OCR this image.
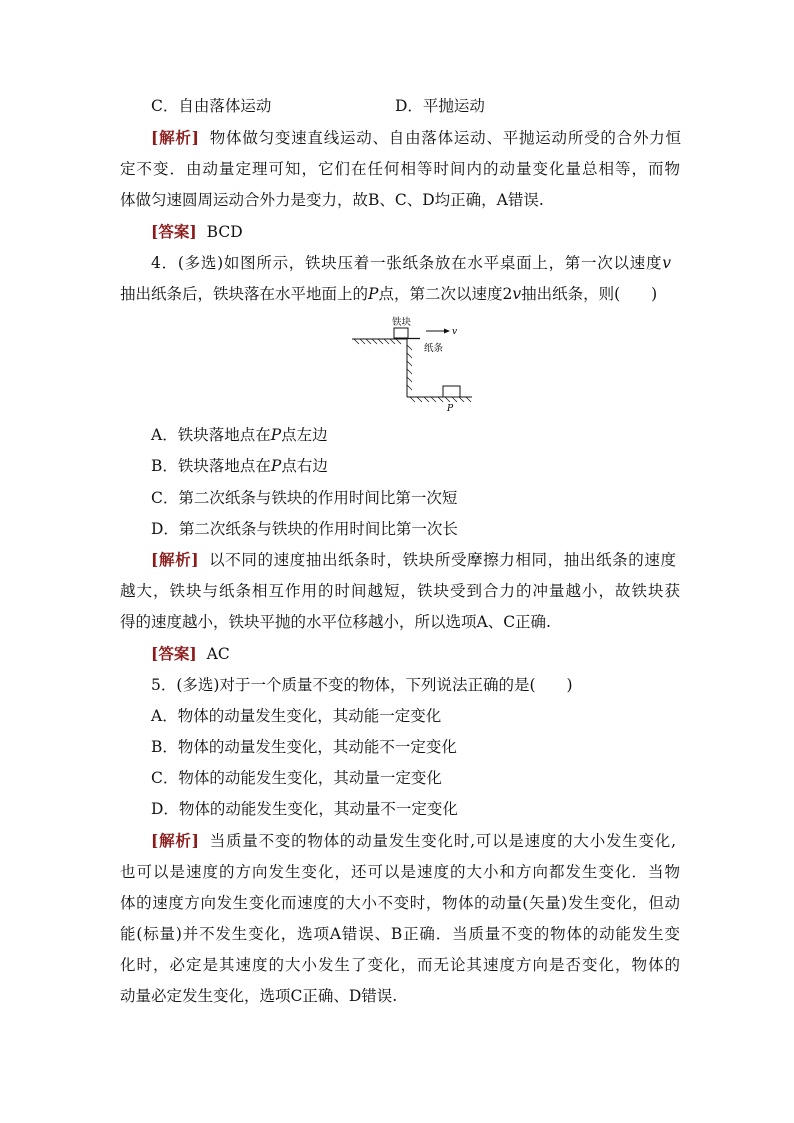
C．自由落体运动	D．平抛运动
[解析] 物体做匀变速直线运动、自由落体运动、平抛运动所受的合外力恒
定不变．由动量定理可知，它们在任何相等时间内的动量变化量总相等，而物
体做匀速圆周运动合外力是变力，故B、C、D均正确，A错误.
[答案] BCD
4．(多选)如图所示，铁块压着一张纸条放在水平桌面上，第一次以速度v
抽出纸条后，铁块落在水平地面上的P点，第二次以速度2v抽出纸条，则(　　)
铁块
v
纸条
P
A．铁块落地点在P点左边
B．铁块落地点在P点右边
C．第二次纸条与铁块的作用时间比第一次短
D．第二次纸条与铁块的作用时间比第一次长
[解析] 以不同的速度抽出纸条时，铁块所受摩擦力相同，抽出纸条的速度
越大，铁块与纸条相互作用的时间越短，铁块受到合力的冲量越小，故铁块获
得的速度越小，铁块平抛的水平位移越小，所以选项A、C正确.
[答案] AC
5．(多选)对于一个质量不变的物体，下列说法正确的是(　　)
A．物体的动量发生变化，其动能一定变化
B．物体的动量发生变化，其动能不一定变化
C．物体的动能发生变化，其动量一定变化
D．物体的动能发生变化，其动量不一定变化
[解析] 当质量不变的物体的动量发生变化时,可以是速度的大小发生变化,
也可以是速度的方向发生变化，还可以是速度的大小和方向都发生变化．当物
体的速度方向发生变化而速度的大小不变时，物体的动量(矢量)发生变化，但动
能(标量)并不发生变化，选项A错误、B正确．当质量不变的物体的动能发生变
化时，必定是其速度的大小发生了变化，而无论其速度方向是否变化，物体的
动量必定发生变化，选项C正确、D错误.
